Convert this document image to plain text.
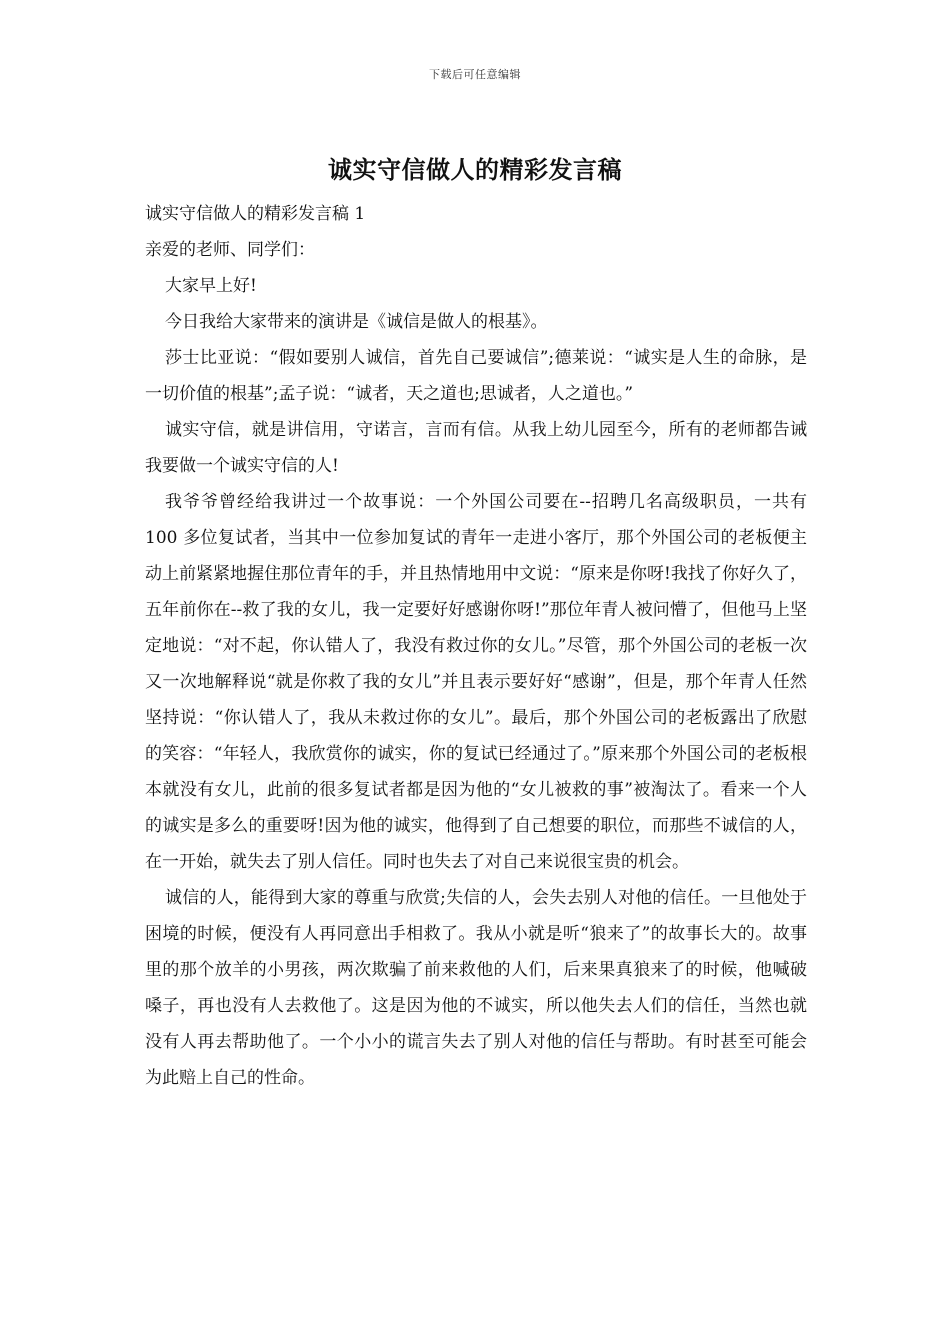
下载后可任意编辑
诚实守信做人的精彩发言稿

诚实守信做人的精彩发言稿 1

亲爱的老师、同学们：

大家早上好!

今日我给大家带来的演讲是《诚信是做人的根基》。

莎士比亚说：“假如要别人诚信，首先自己要诚信”;德莱说：“诚实是人生的命脉，是一切价值的根基”;孟子说：“诚者，天之道也;思诚者，人之道也。”

诚实守信，就是讲信用，守诺言，言而有信。从我上幼儿园至今，所有的老师都告诫我要做一个诚实守信的人!

我爷爷曾经给我讲过一个故事说：一个外国公司要在--招聘几名高级职员，一共有 100 多位复试者，当其中一位参加复试的青年一走进小客厅，那个外国公司的老板便主动上前紧紧地握住那位青年的手，并且热情地用中文说：“原来是你呀!我找了你好久了，五年前你在--救了我的女儿，我一定要好好感谢你呀!”那位年青人被问懵了，但他马上坚定地说：“对不起，你认错人了，我没有救过你的女儿。”尽管，那个外国公司的老板一次又一次地解释说“就是你救了我的女儿”并且表示要好好“感谢”，但是，那个年青人任然坚持说：“你认错人了，我从未救过你的女儿”。最后，那个外国公司的老板露出了欣慰的笑容：“年轻人，我欣赏你的诚实，你的复试已经通过了。”原来那个外国公司的老板根本就没有女儿，此前的很多复试者都是因为他的“女儿被救的事”被淘汰了。看来一个人的诚实是多么的重要呀!因为他的诚实，他得到了自己想要的职位，而那些不诚信的人，在一开始，就失去了别人信任。同时也失去了对自己来说很宝贵的机会。

诚信的人，能得到大家的尊重与欣赏;失信的人，会失去别人对他的信任。一旦他处于困境的时候，便没有人再同意出手相救了。我从小就是听“狼来了”的故事长大的。故事里的那个放羊的小男孩，两次欺骗了前来救他的人们，后来果真狼来了的时候，他喊破嗓子，再也没有人去救他了。这是因为他的不诚实，所以他失去人们的信任，当然也就没有人再去帮助他了。一个小小的谎言失去了别人对他的信任与帮助。有时甚至可能会为此赔上自己的性命。
